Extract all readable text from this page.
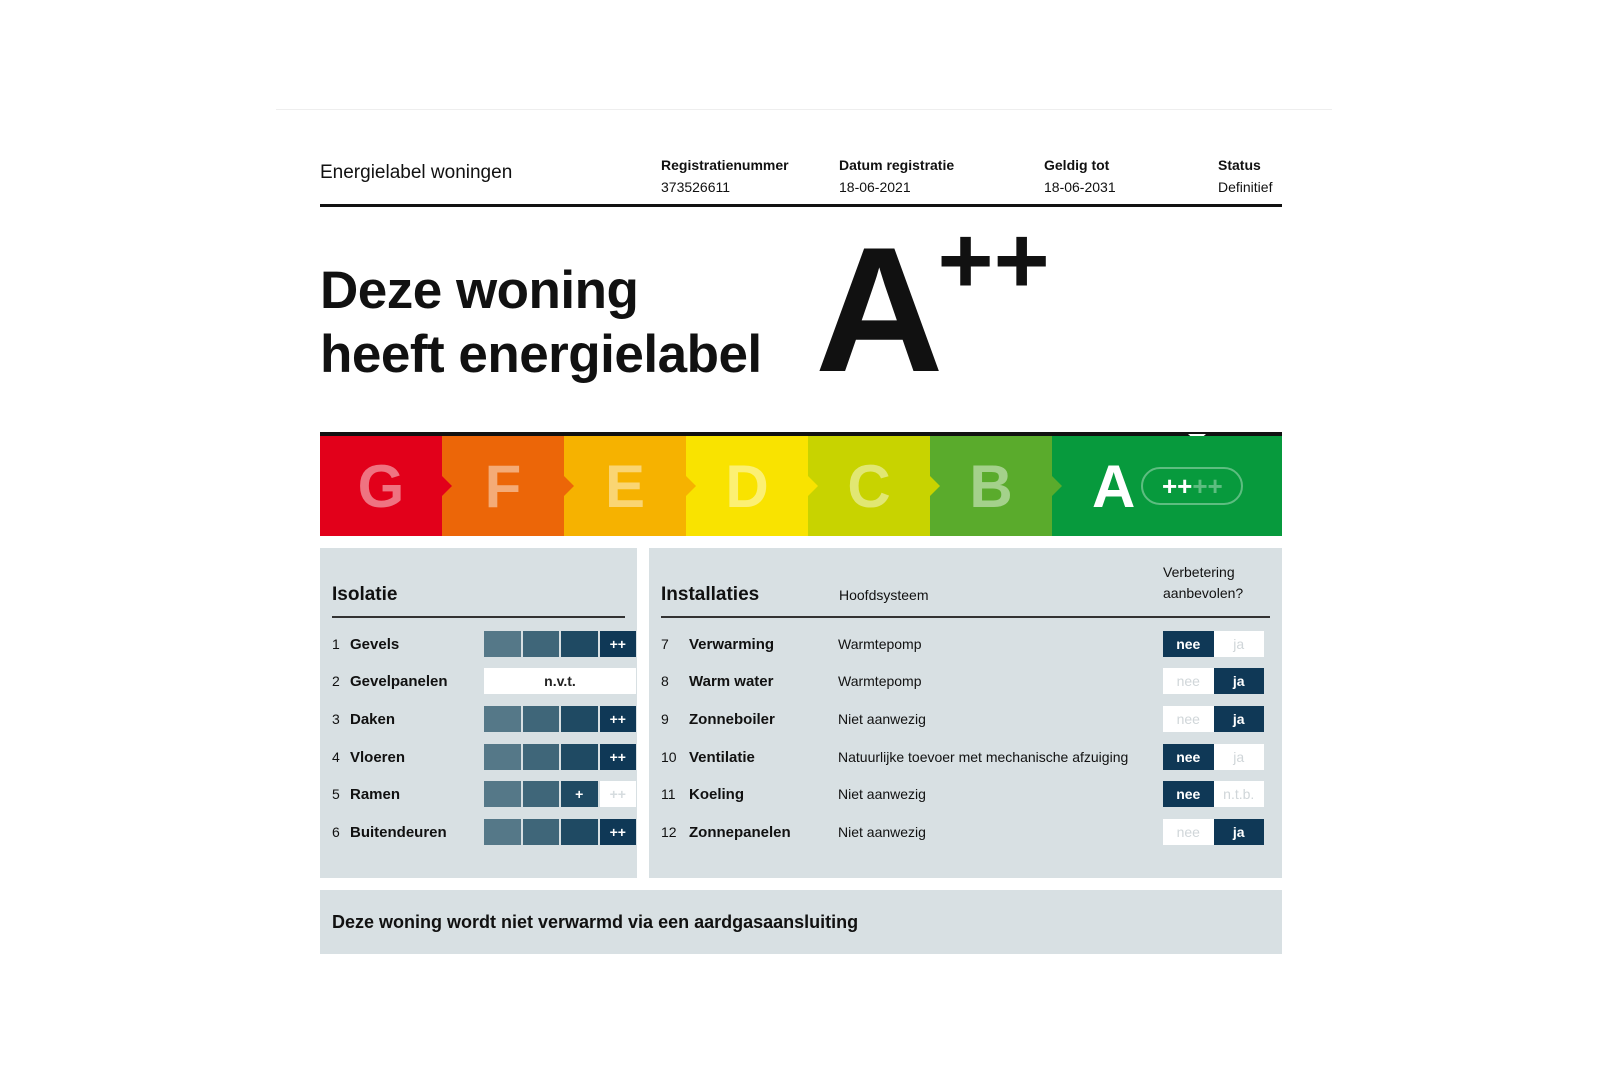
Energielabel woningen	Registratienummer
373526611
Datum registratie
18-06-2021
Geldig tot
18-06-2031
Status
Definitief
Deze woning
heeft energielabel A++
G F E D C B A ++ ++
Isolatie
1 Gevels	++
2 Gevelpanelen	n.v.t.
3 Daken	++
4 Vloeren	++
5 Ramen	+	++
6 Buitendeuren	++
Installaties	Hoofdsysteem
Verbetering
aanbevolen?
7	Verwarming	Warmtepomp	nee	ja
8	Warm water	Warmtepomp	nee	ja
9	Zonneboiler	Niet aanwezig	nee	ja
10 Ventilatie	Natuurlijke toevoer met mechanische afzuiging	nee	ja
11 Koeling	Niet aanwezig	nee	n.t.b.
12 Zonnepanelen	Niet aanwezig	nee	ja
Deze woning wordt niet verwarmd via een aardgasaansluiting
